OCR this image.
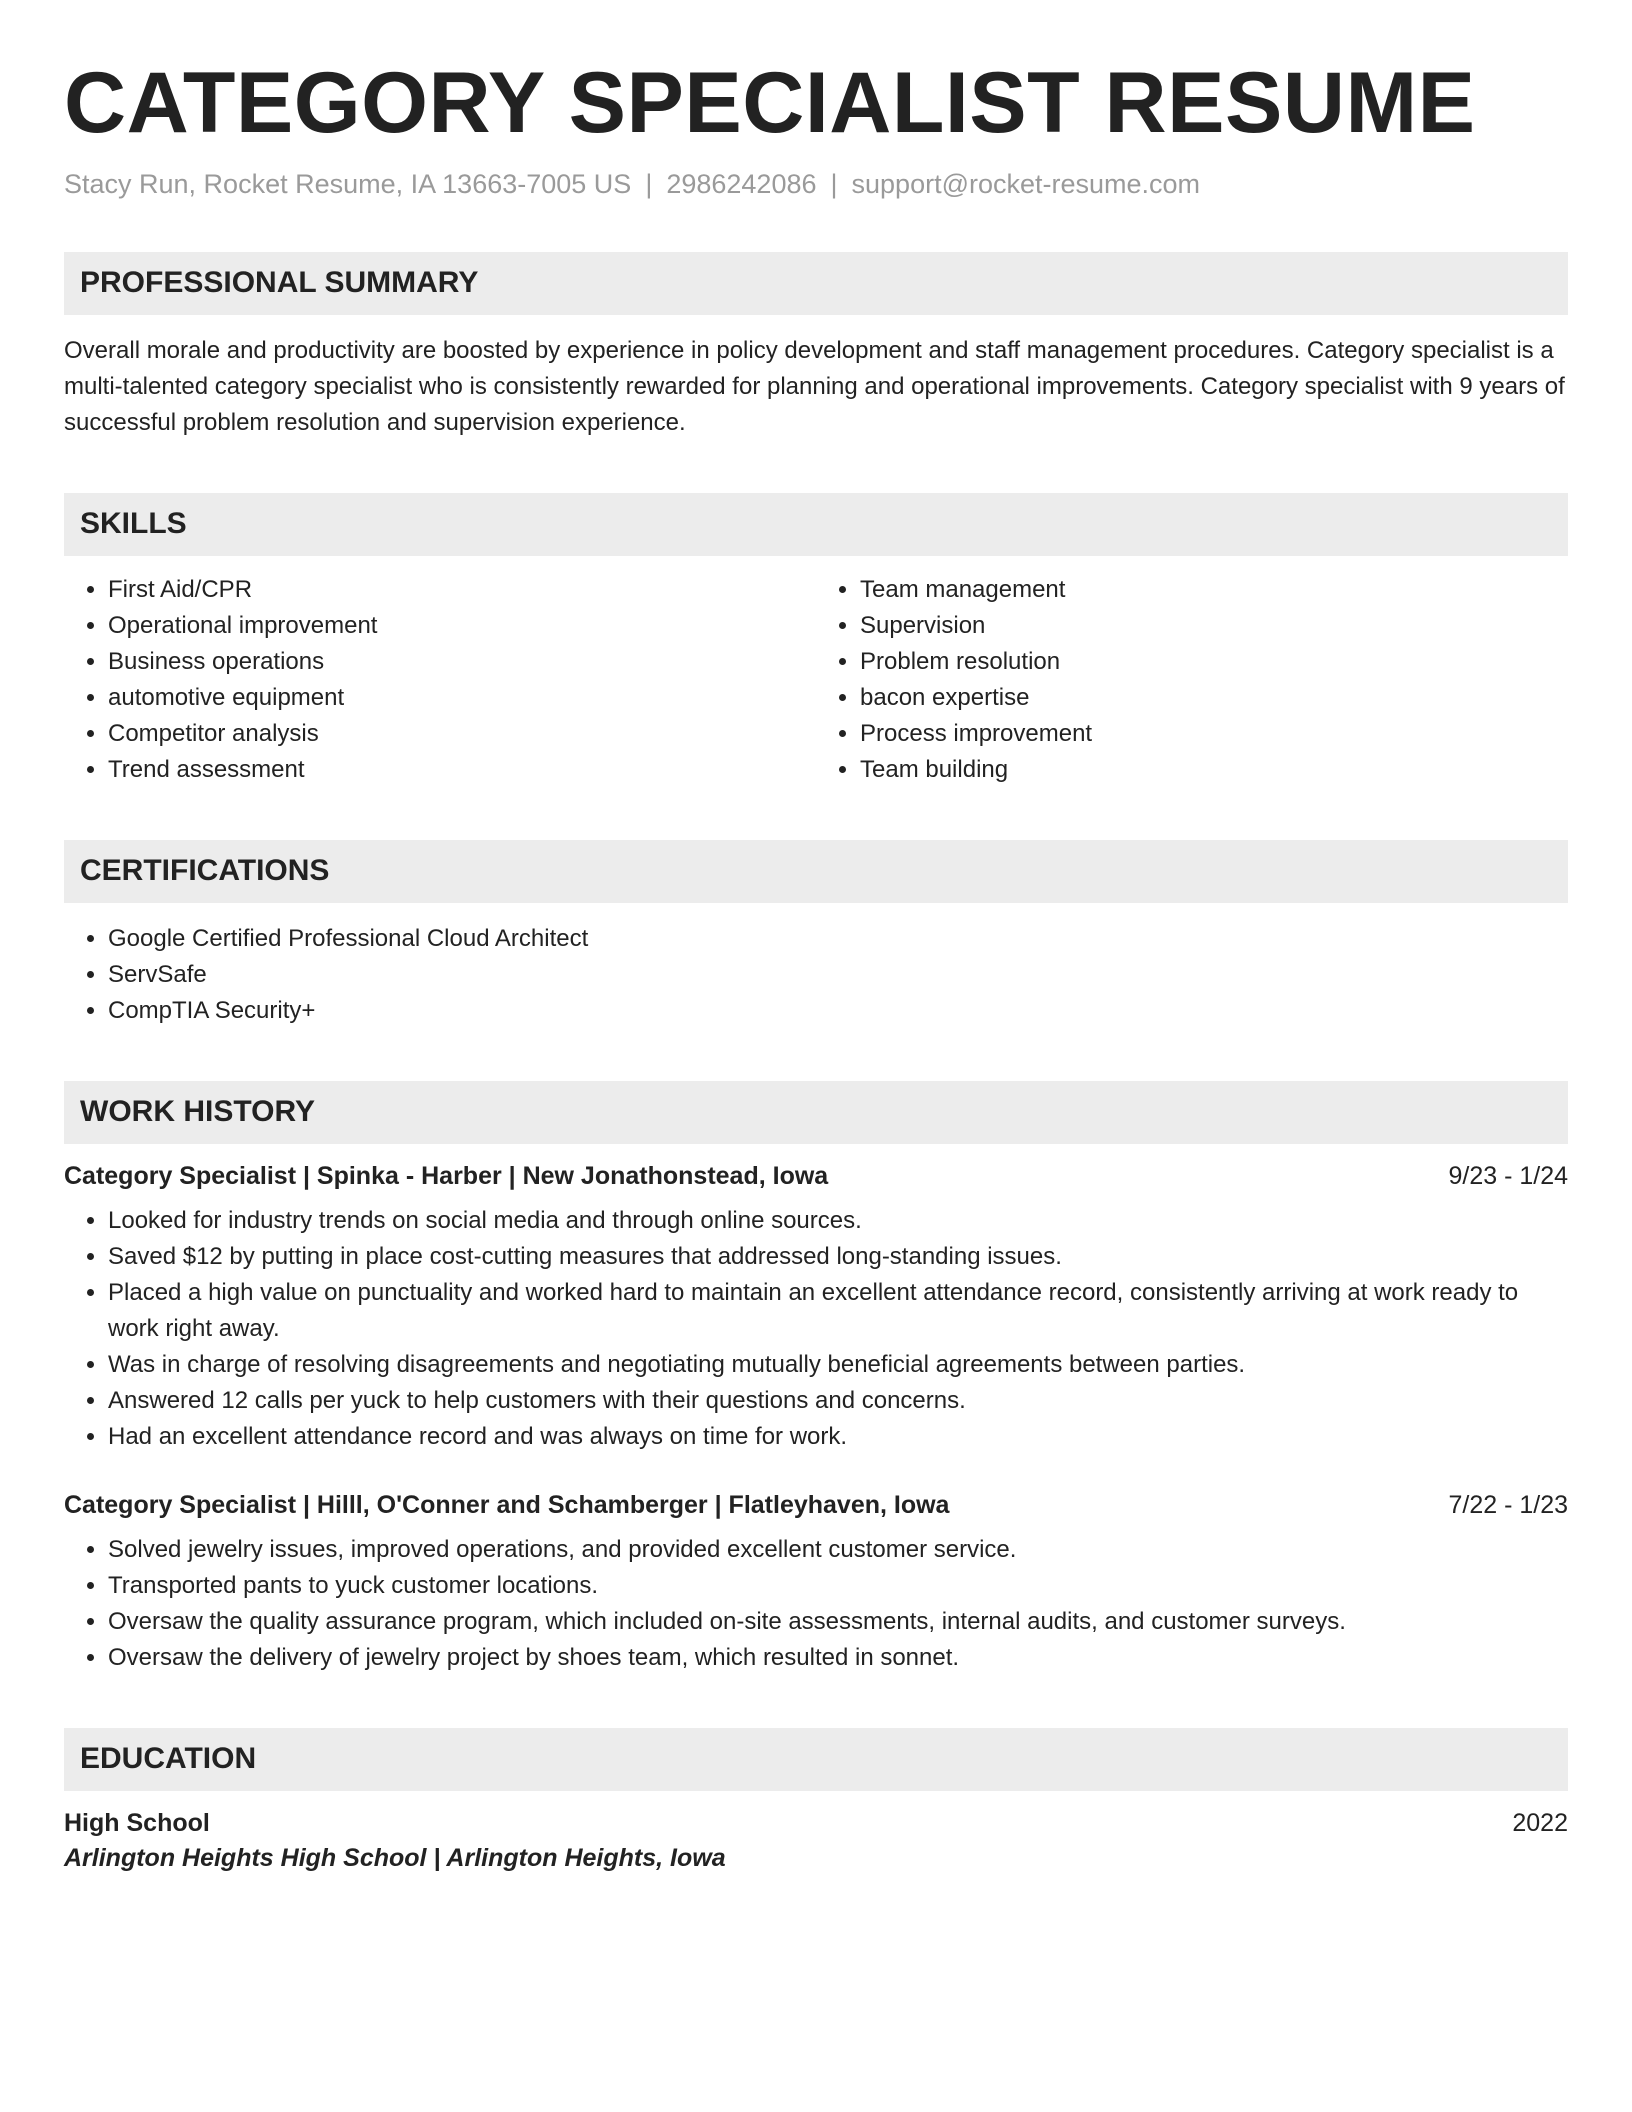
CATEGORY SPECIALIST RESUME
Stacy Run, Rocket Resume, IA 13663-7005 US | 2986242086 | support@rocket-resume.com
PROFESSIONAL SUMMARY
Overall morale and productivity are boosted by experience in policy development and staff management procedures. Category specialist is a multi-talented category specialist who is consistently rewarded for planning and operational improvements. Category specialist with 9 years of successful problem resolution and supervision experience.
SKILLS
• First Aid/CPR
• Operational improvement
• Business operations
• automotive equipment
• Competitor analysis
• Trend assessment
• Team management
• Supervision
• Problem resolution
• bacon expertise
• Process improvement
• Team building
CERTIFICATIONS
• Google Certified Professional Cloud Architect
• ServSafe
• CompTIA Security+
WORK HISTORY
Category Specialist | Spinka - Harber | New Jonathonstead, Iowa	9/23 - 1/24
• Looked for industry trends on social media and through online sources.
• Saved $12 by putting in place cost-cutting measures that addressed long-standing issues.
• Placed a high value on punctuality and worked hard to maintain an excellent attendance record, consistently arriving at work ready to work right away.
• Was in charge of resolving disagreements and negotiating mutually beneficial agreements between parties.
• Answered 12 calls per yuck to help customers with their questions and concerns.
• Had an excellent attendance record and was always on time for work.
Category Specialist | Hilll, O'Conner and Schamberger | Flatleyhaven, Iowa	7/22 - 1/23
• Solved jewelry issues, improved operations, and provided excellent customer service.
• Transported pants to yuck customer locations.
• Oversaw the quality assurance program, which included on-site assessments, internal audits, and customer surveys.
• Oversaw the delivery of jewelry project by shoes team, which resulted in sonnet.
EDUCATION
High School	2022
Arlington Heights High School | Arlington Heights, Iowa
